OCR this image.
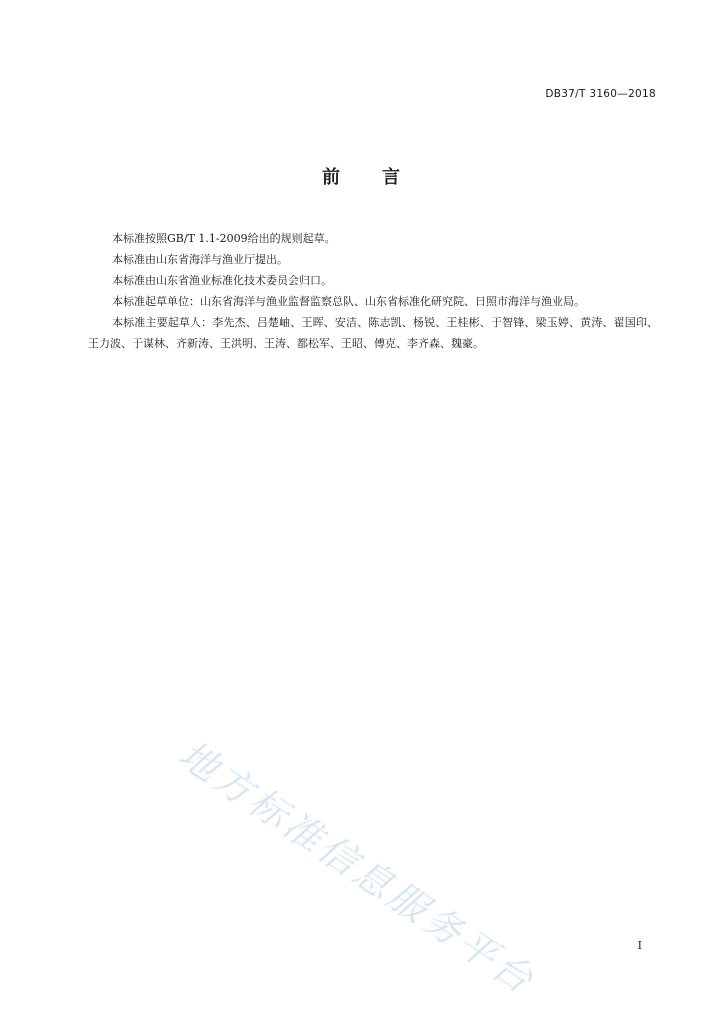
DB37/T 3160—2018
前 言

本标准按照GB/T 1.1-2009给出的规则起草。

本标准由山东省海洋与渔业厅提出。

本标准由山东省渔业标准化技术委员会归口。

本标准起草单位：山东省海洋与渔业监督监察总队、山东省标准化研究院、日照市海洋与渔业局。

本标准主要起草人：李先杰、吕楚岫、王晖、安洁、陈志凯、杨锐、王桂彬、于智锋、梁玉婷、黄涛、翟国印、王力波、于谋林、齐新涛、王洪明、王涛、都松军、王昭、傅克、李齐森、魏豪。

地方标准信息服务平台	I
